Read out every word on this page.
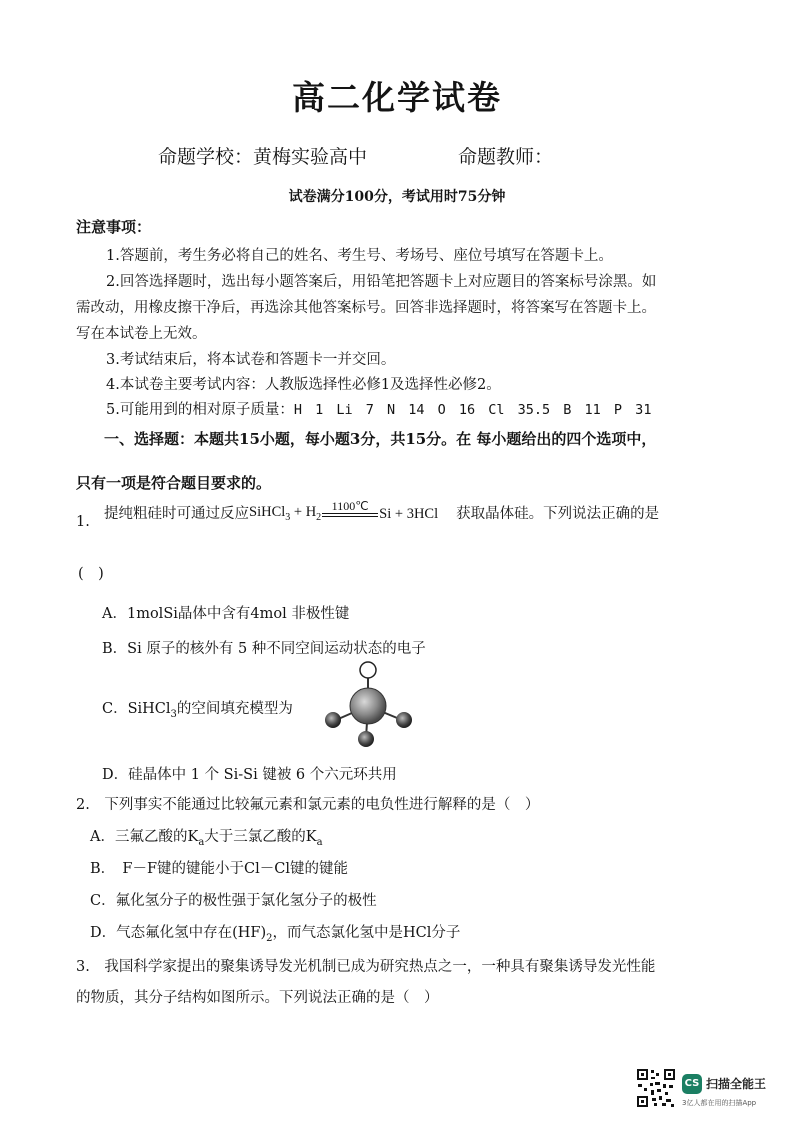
高二化学试卷
命题学校：黄梅实验高中	命题教师：
试卷满分100分，考试用时75分钟
注意事项：
1.答题前，考生务必将自己的姓名、考生号、考场号、座位号填写在答题卡上。
2.回答选择题时，选出每小题答案后，用铅笔把答题卡上对应题目的答案标号涂黑。如
需改动，用橡皮擦干净后，再选涂其他答案标号。回答非选择题时，将答案写在答题卡上。
写在本试卷上无效。
3.考试结束后，将本试卷和答题卡一并交回。
4.本试卷主要考试内容：人教版选择性必修1及选择性必修2。
5.可能用到的相对原子质量：H 1 Li 7 N 14 O 16 Cl 35.5 B 11 P 31
一、选择题：本题共15小题，每小题3分，共15分。在 每小题给出的四个选项中，
只有一项是符合题目要求的。
1. 提纯粗硅时可通过反应SiHCl$_3$ + $H_2$
1100℃ Si + 3HCl 获取晶体硅。下列说法正确的是
(　)
A．1molSi晶体中含有4mol 非极性键
B．Si 原子的核外有 5 种不同空间运动状态的电子
C．SiHCl$_3$的空间填充模型为
D．硅晶体中 1 个 Si-Si 键被 6 个六元环共用
2.　下列事实不能通过比较氟元素和氯元素的电负性进行解释的是（　）
A．三氟乙酸的$K_a$大于三氯乙酸的$K_a$
B．　F－F键的键能小于Cl－Cl键的键能
C．氟化氢分子的极性强于氯化氢分子的极性
D．气态氟化氢中存在$(HF)_2$，而气态氯化氢中是HCl分子
3.　我国科学家提出的聚集诱导发光机制已成为研究热点之一，一种具有聚集诱导发光性能
的物质，其分子结构如图所示。下列说法正确的是（　）
CS 扫描全能王
3亿人都在用的扫描App
